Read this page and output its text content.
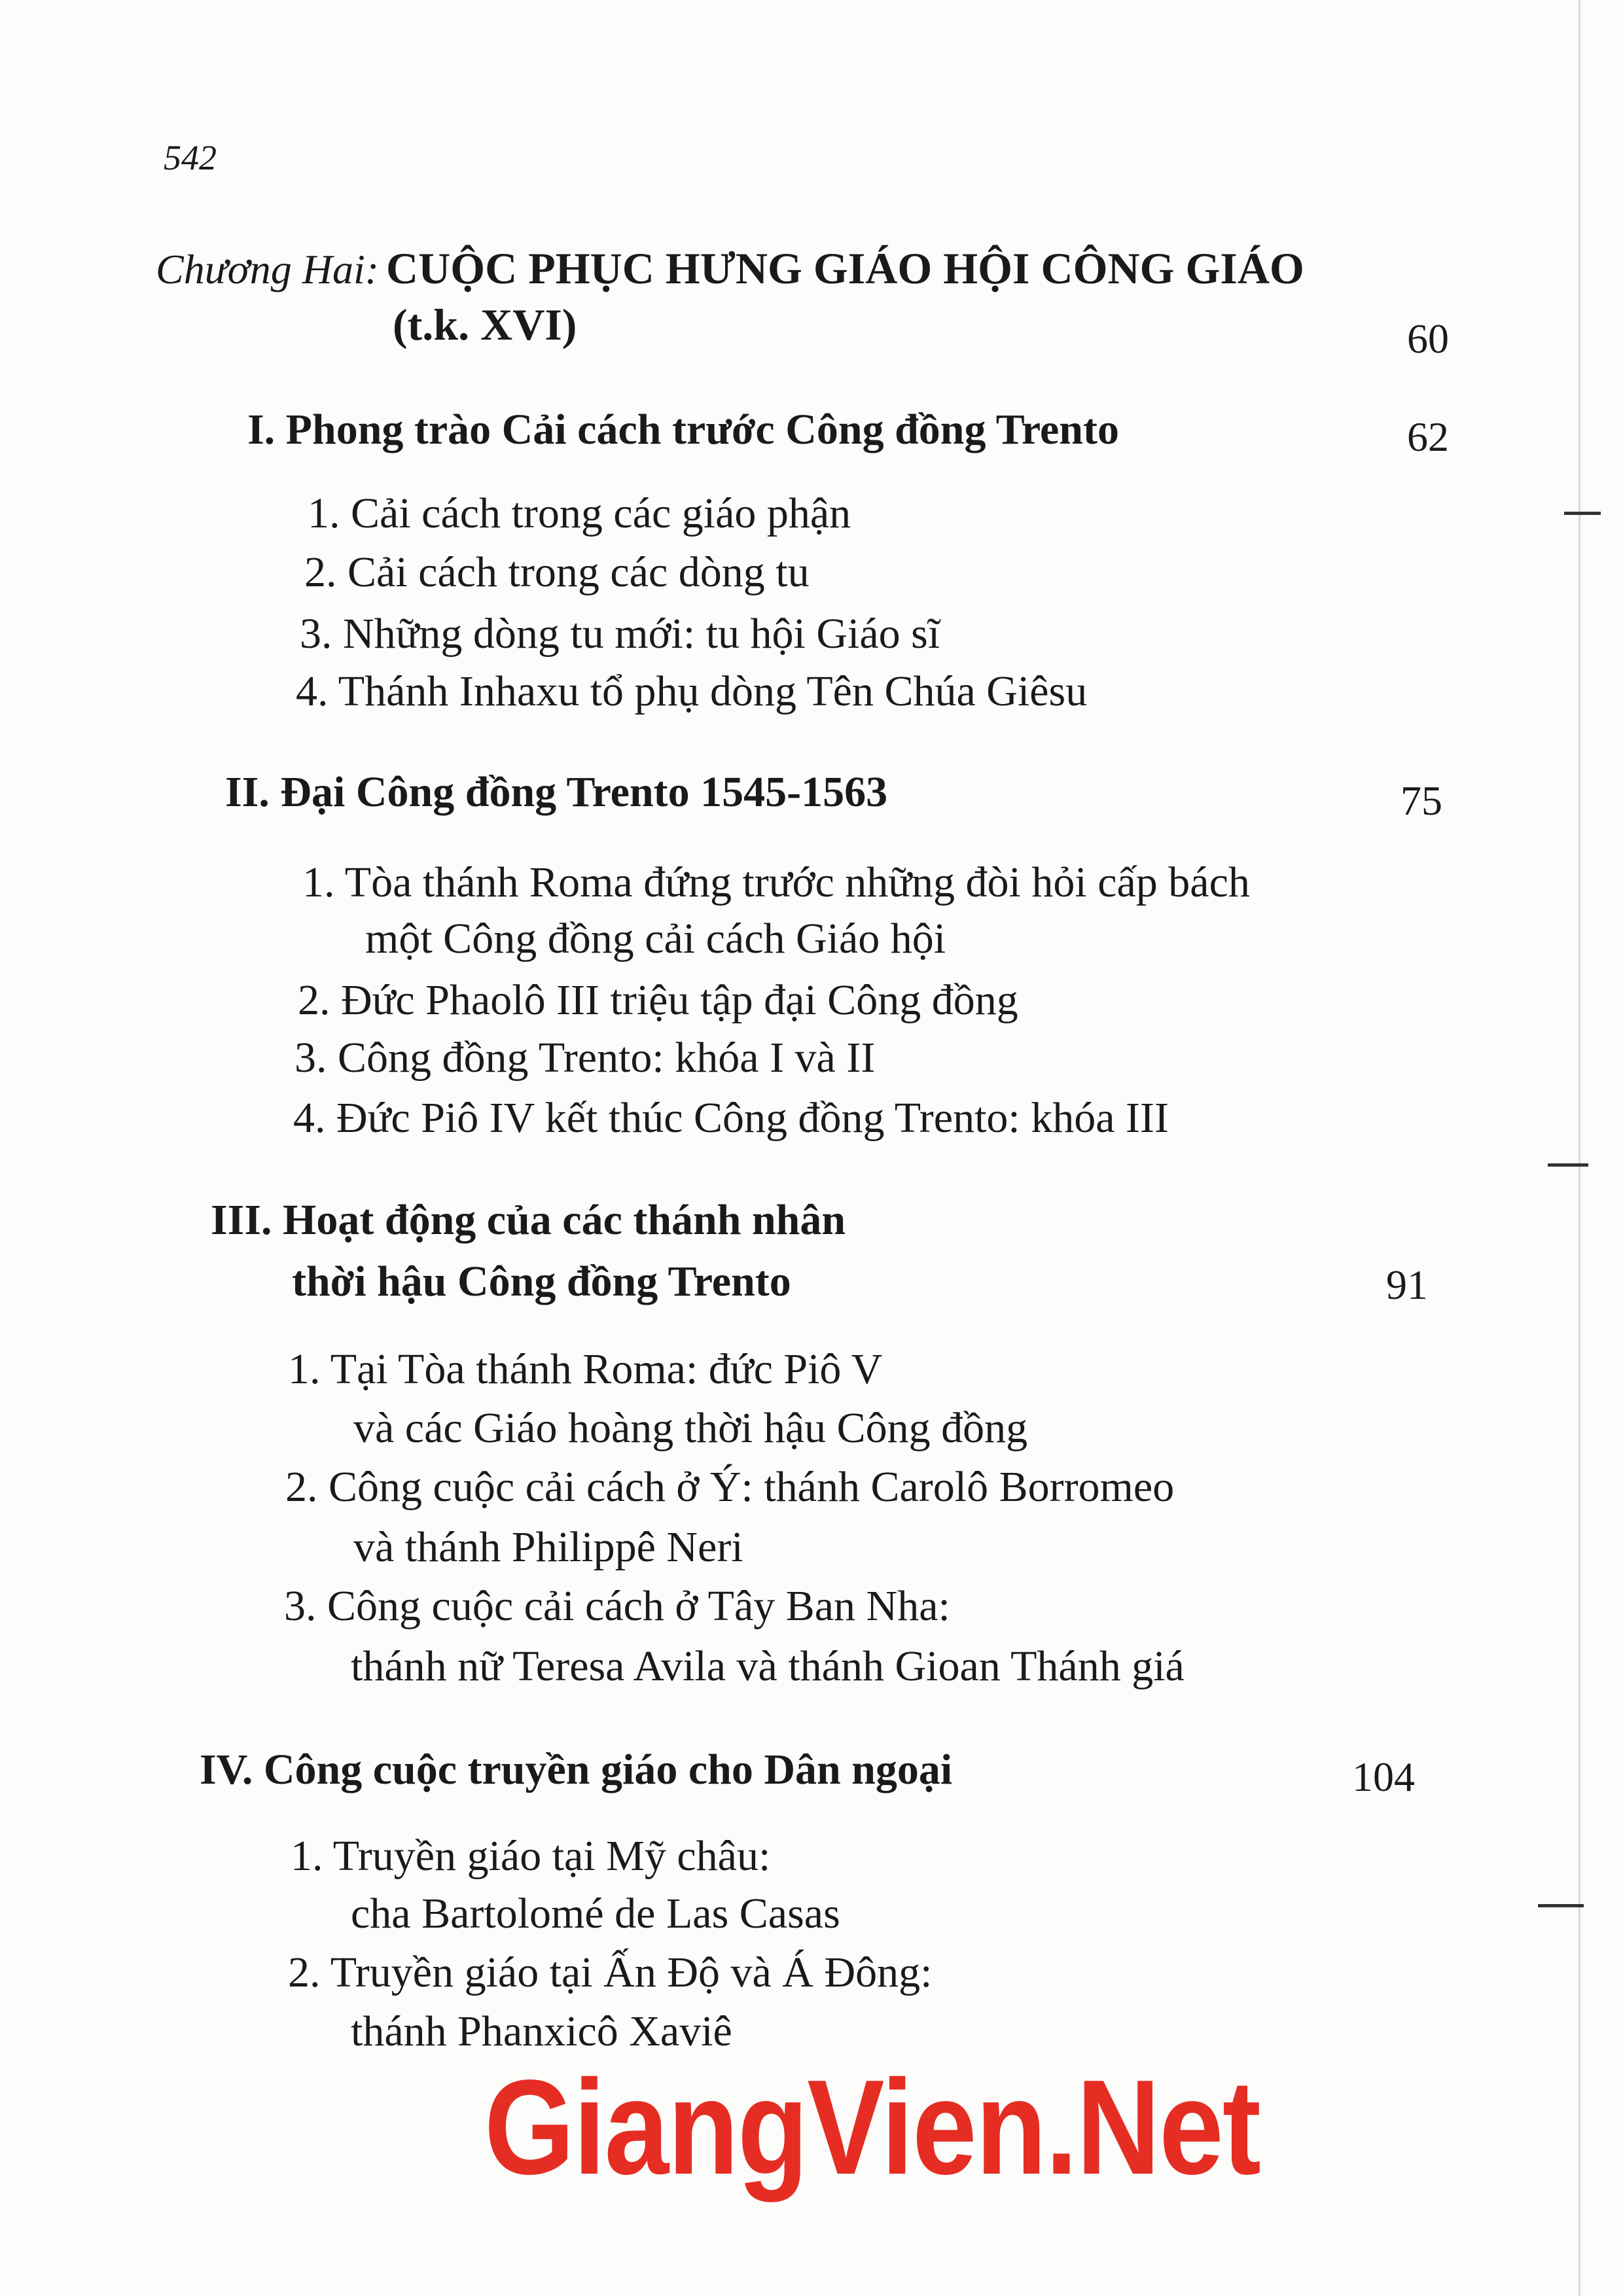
542
Chương Hai: CUỘC PHỤC HƯNG GIÁO HỘI CÔNG GIÁO
(t.k. XVI)	60
I. Phong trào Cải cách trước Công đồng Trento	62
1. Cải cách trong các giáo phận
2. Cải cách trong các dòng tu
3. Những dòng tu mới: tu hội Giáo sĩ
4. Thánh Inhaxu tổ phụ dòng Tên Chúa Giêsu
II. Đại Công đồng Trento 1545-1563	75
1. Tòa thánh Roma đứng trước những đòi hỏi cấp bách
một Công đồng cải cách Giáo hội
2. Đức Phaolô III triệu tập đại Công đồng
3. Công đồng Trento: khóa I và II
4. Đức Piô IV kết thúc Công đồng Trento: khóa III
III. Hoạt động của các thánh nhân
thời hậu Công đồng Trento	91
1. Tại Tòa thánh Roma: đức Piô V
và các Giáo hoàng thời hậu Công đồng
2. Công cuộc cải cách ở Ý: thánh Carolô Borromeo
và thánh Philippê Neri
3. Công cuộc cải cách ở Tây Ban Nha:
thánh nữ Teresa Avila và thánh Gioan Thánh giá
IV. Công cuộc truyền giáo cho Dân ngoại	104
1. Truyền giáo tại Mỹ châu:
cha Bartolomé de Las Casas
2. Truyền giáo tại Ấn Độ và Á Đông:
thánh Phanxicô Xaviê
GiangVien.Net
